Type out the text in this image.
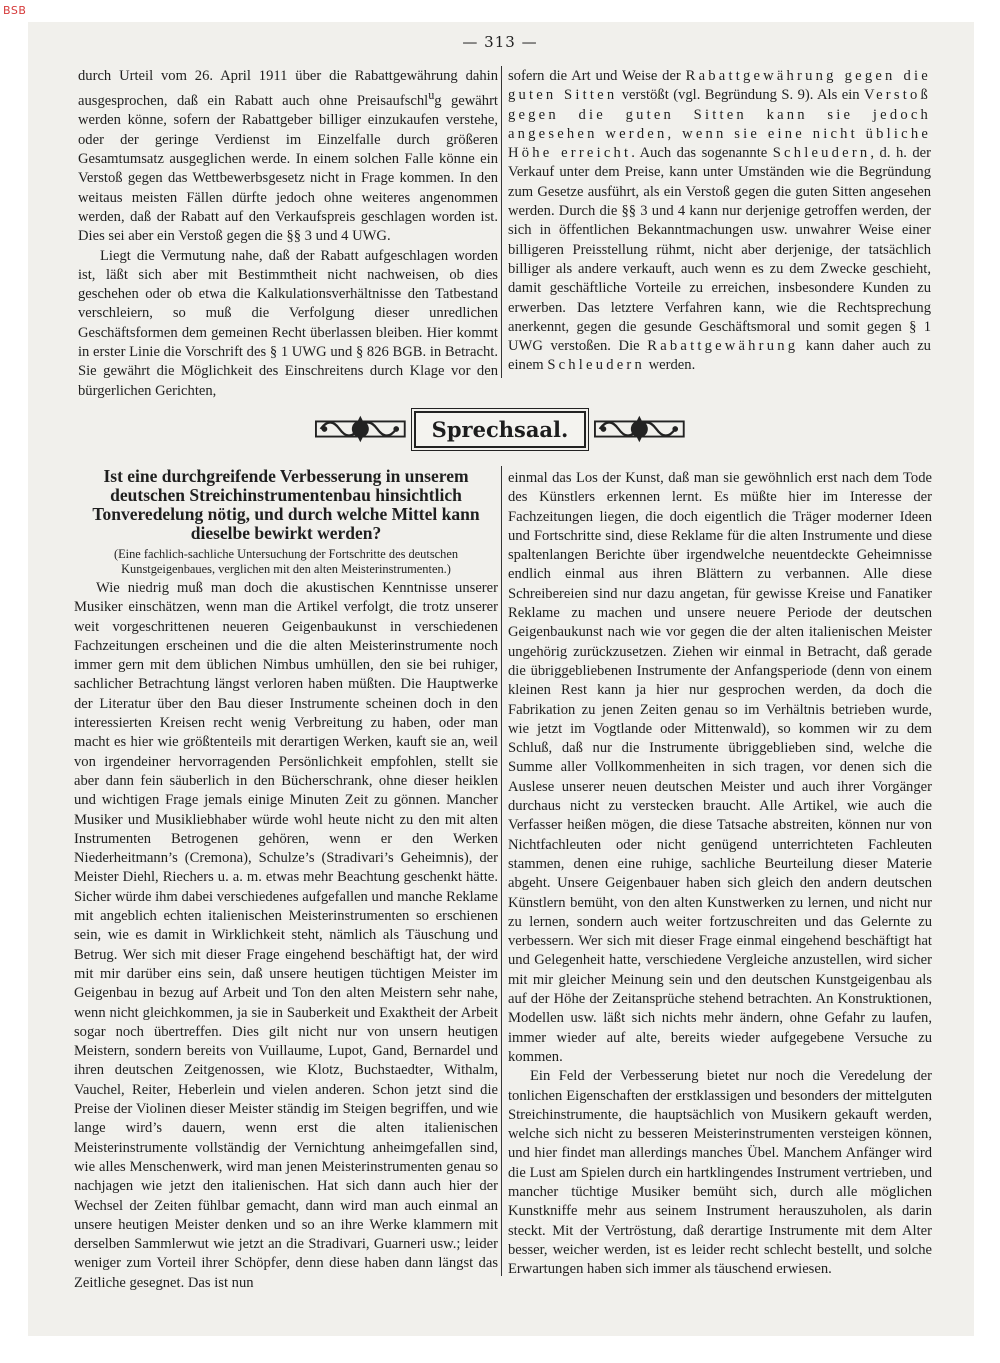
BSB
— 313 —

durch Urteil vom 26. April 1911 über die Rabattgewährung dahin ausgesprochen, daß ein Rabatt auch ohne Preisaufschl$^u$g gewährt werden könne, sofern der Rabattgeber billiger einzukaufen verstehe, oder der geringe Verdienst im Einzelfalle durch größeren Gesamtumsatz ausgeglichen werde. In einem solchen Falle könne ein Verstoß gegen das Wettbewerbsgesetz nicht in Frage kommen. In den weitaus meisten Fällen dürfte jedoch ohne weiteres angenommen werden, daß der Rabatt auf den Verkaufspreis geschlagen worden ist. Dies sei aber ein Verstoß gegen die §§ 3 und 4 UWG.

Liegt die Vermutung nahe, daß der Rabatt aufgeschlagen worden ist, läßt sich aber mit Bestimmtheit nicht nachweisen, ob dies geschehen oder ob etwa die Kalkulationsverhältnisse den Tatbestand verschleiern, so muß die Verfolgung dieser unredlichen Geschäftsformen dem gemeinen Recht überlassen bleiben. Hier kommt in erster Linie die Vorschrift des § 1 UWG und § 826 BGB. in Betracht. Sie gewährt die Möglichkeit des Einschreitens durch Klage vor den bürgerlichen Gerichten,

sofern die Art und Weise der Rabattgewährung gegen die guten Sitten verstößt (vgl. Begründung S. 9). Als ein Verstoß gegen die guten Sitten kann sie jedoch angesehen werden, wenn sie eine nicht übliche Höhe erreicht. Auch das sogenannte Schleudern, d. h. der Verkauf unter dem Preise, kann unter Umständen wie die Begründung zum Gesetze ausführt, als ein Verstoß gegen die guten Sitten angesehen werden. Durch die §§ 3 und 4 kann nur derjenige getroffen werden, der sich in öffentlichen Bekanntmachungen usw. unwahrer Weise einer billigeren Preisstellung rühmt, nicht aber derjenige, der tatsächlich billiger als andere verkauft, auch wenn es zu dem Zwecke geschieht, damit geschäftliche Vorteile zu erreichen, insbesondere Kunden zu erwerben. Das letztere Verfahren kann, wie die Rechtsprechung anerkennt, gegen die gesunde Geschäftsmoral und somit gegen § 1 UWG verstoßen. Die Rabattgewährung kann daher auch zu einem Schleudern werden.

Sprechsaal.
Ist eine durchgreifende Verbesserung in unserem deutschen Streichinstrumentenbau hinsichtlich Tonveredelung nötig, und durch welche Mittel kann dieselbe bewirkt werden?
(Eine fachlich-sachliche Untersuchung der Fortschritte des deutschen Kunstgeigenbaues, verglichen mit den alten Meisterinstrumenten.)

Wie niedrig muß man doch die akustischen Kenntnisse unserer Musiker einschätzen, wenn man die Artikel verfolgt, die trotz unserer weit vorgeschrittenen neueren Geigenbaukunst in verschiedenen Fachzeitungen erscheinen und die die alten Meisterinstrumente noch immer gern mit dem üblichen Nimbus umhüllen, den sie bei ruhiger, sachlicher Betrachtung längst verloren haben müßten. Die Hauptwerke der Literatur über den Bau dieser Instrumente scheinen doch in den interessierten Kreisen recht wenig Verbreitung zu haben, oder man macht es hier wie größtenteils mit derartigen Werken, kauft sie an, weil von irgendeiner hervorragenden Persönlichkeit empfohlen, stellt sie aber dann fein säuberlich in den Bücherschrank, ohne dieser heiklen und wichtigen Frage jemals einige Minuten Zeit zu gönnen. Mancher Musiker und Musikliebhaber würde wohl heute nicht zu den mit alten Instrumenten Betrogenen gehören, wenn er den Werken Niederheitmann’s (Cremona), Schulze’s (Stradivari’s Geheimnis), der Meister Diehl, Riechers u. a. m. etwas mehr Beachtung geschenkt hätte. Sicher würde ihm dabei verschiedenes aufgefallen und manche Reklame mit angeblich echten italienischen Meisterinstrumenten so erschienen sein, wie es damit in Wirklichkeit steht, nämlich als Täuschung und Betrug. Wer sich mit dieser Frage eingehend beschäftigt hat, der wird mit mir darüber eins sein, daß unsere heutigen tüchtigen Meister im Geigenbau in bezug auf Arbeit und Ton den alten Meistern sehr nahe, wenn nicht gleichkommen, ja sie in Sauberkeit und Exaktheit der Arbeit sogar noch übertreffen. Dies gilt nicht nur von unsern heutigen Meistern, sondern bereits von Vuillaume, Lupot, Gand, Bernardel und ihren deutschen Zeitgenossen, wie Klotz, Buchstaedter, Withalm, Vauchel, Reiter, Heberlein und vielen anderen. Schon jetzt sind die Preise der Violinen dieser Meister ständig im Steigen begriffen, und wie lange wird’s dauern, wenn erst die alten italienischen Meisterinstrumente vollständig der Vernichtung anheimgefallen sind, wie alles Menschenwerk, wird man jenen Meisterinstrumenten genau so nachjagen wie jetzt den italienischen. Hat sich dann auch hier der Wechsel der Zeiten fühlbar gemacht, dann wird man auch einmal an unsere heutigen Meister denken und so an ihre Werke klammern mit derselben Sammlerwut wie jetzt an die Stradivari, Guarneri usw.; leider weniger zum Vorteil ihrer Schöpfer, denn diese haben dann längst das Zeitliche gesegnet. Das ist nun

einmal das Los der Kunst, daß man sie gewöhnlich erst nach dem Tode des Künstlers erkennen lernt. Es müßte hier im Interesse der Fachzeitungen liegen, die doch eigentlich die Träger moderner Ideen und Fortschritte sind, diese Reklame für die alten Instrumente und diese spaltenlangen Berichte über irgendwelche neuentdeckte Geheimnisse endlich einmal aus ihren Blättern zu verbannen. Alle diese Schreibereien sind nur dazu angetan, für gewisse Kreise und Fanatiker Reklame zu machen und unsere neuere Periode der deutschen Geigenbaukunst nach wie vor gegen die der alten italienischen Meister ungehörig zurückzusetzen. Ziehen wir einmal in Betracht, daß gerade die übriggebliebenen Instrumente der Anfangsperiode (denn von einem kleinen Rest kann ja hier nur gesprochen werden, da doch die Fabrikation zu jenen Zeiten genau so im Verhältnis betrieben wurde, wie jetzt im Vogtlande oder Mittenwald), so kommen wir zu dem Schluß, daß nur die Instrumente übriggeblieben sind, welche die Summe aller Vollkommenheiten in sich tragen, vor denen sich die Auslese unserer neuen deutschen Meister und auch ihrer Vorgänger durchaus nicht zu verstecken braucht. Alle Artikel, wie auch die Verfasser heißen mögen, die diese Tatsache abstreiten, können nur von Nichtfachleuten oder nicht genügend unterrichteten Fachleuten stammen, denen eine ruhige, sachliche Beurteilung dieser Materie abgeht. Unsere Geigenbauer haben sich gleich den andern deutschen Künstlern bemüht, von den alten Kunstwerken zu lernen, und nicht nur zu lernen, sondern auch weiter fortzuschreiten und das Gelernte zu verbessern. Wer sich mit dieser Frage einmal eingehend beschäftigt hat und Gelegenheit hatte, verschiedene Vergleiche anzustellen, wird sicher mit mir gleicher Meinung sein und den deutschen Kunstgeigenbau als auf der Höhe der Zeitansprüche stehend betrachten. An Konstruktionen, Modellen usw. läßt sich nichts mehr ändern, ohne Gefahr zu laufen, immer wieder auf alte, bereits wieder aufgegebene Versuche zu kommen.

Ein Feld der Verbesserung bietet nur noch die Veredelung der tonlichen Eigenschaften der erstklassigen und besonders der mittelguten Streichinstrumente, die hauptsächlich von Musikern gekauft werden, welche sich nicht zu besseren Meisterinstrumenten versteigen können, und hier findet man allerdings manches Übel. Manchem Anfänger wird die Lust am Spielen durch ein hartklingendes Instrument vertrieben, und mancher tüchtige Musiker bemüht sich, durch alle möglichen Kunstkniffe mehr aus seinem Instrument herauszuholen, als darin steckt. Mit der Vertröstung, daß derartige Instrumente mit dem Alter besser, weicher werden, ist es leider recht schlecht bestellt, und solche Erwartungen haben sich immer als täuschend erwiesen.
